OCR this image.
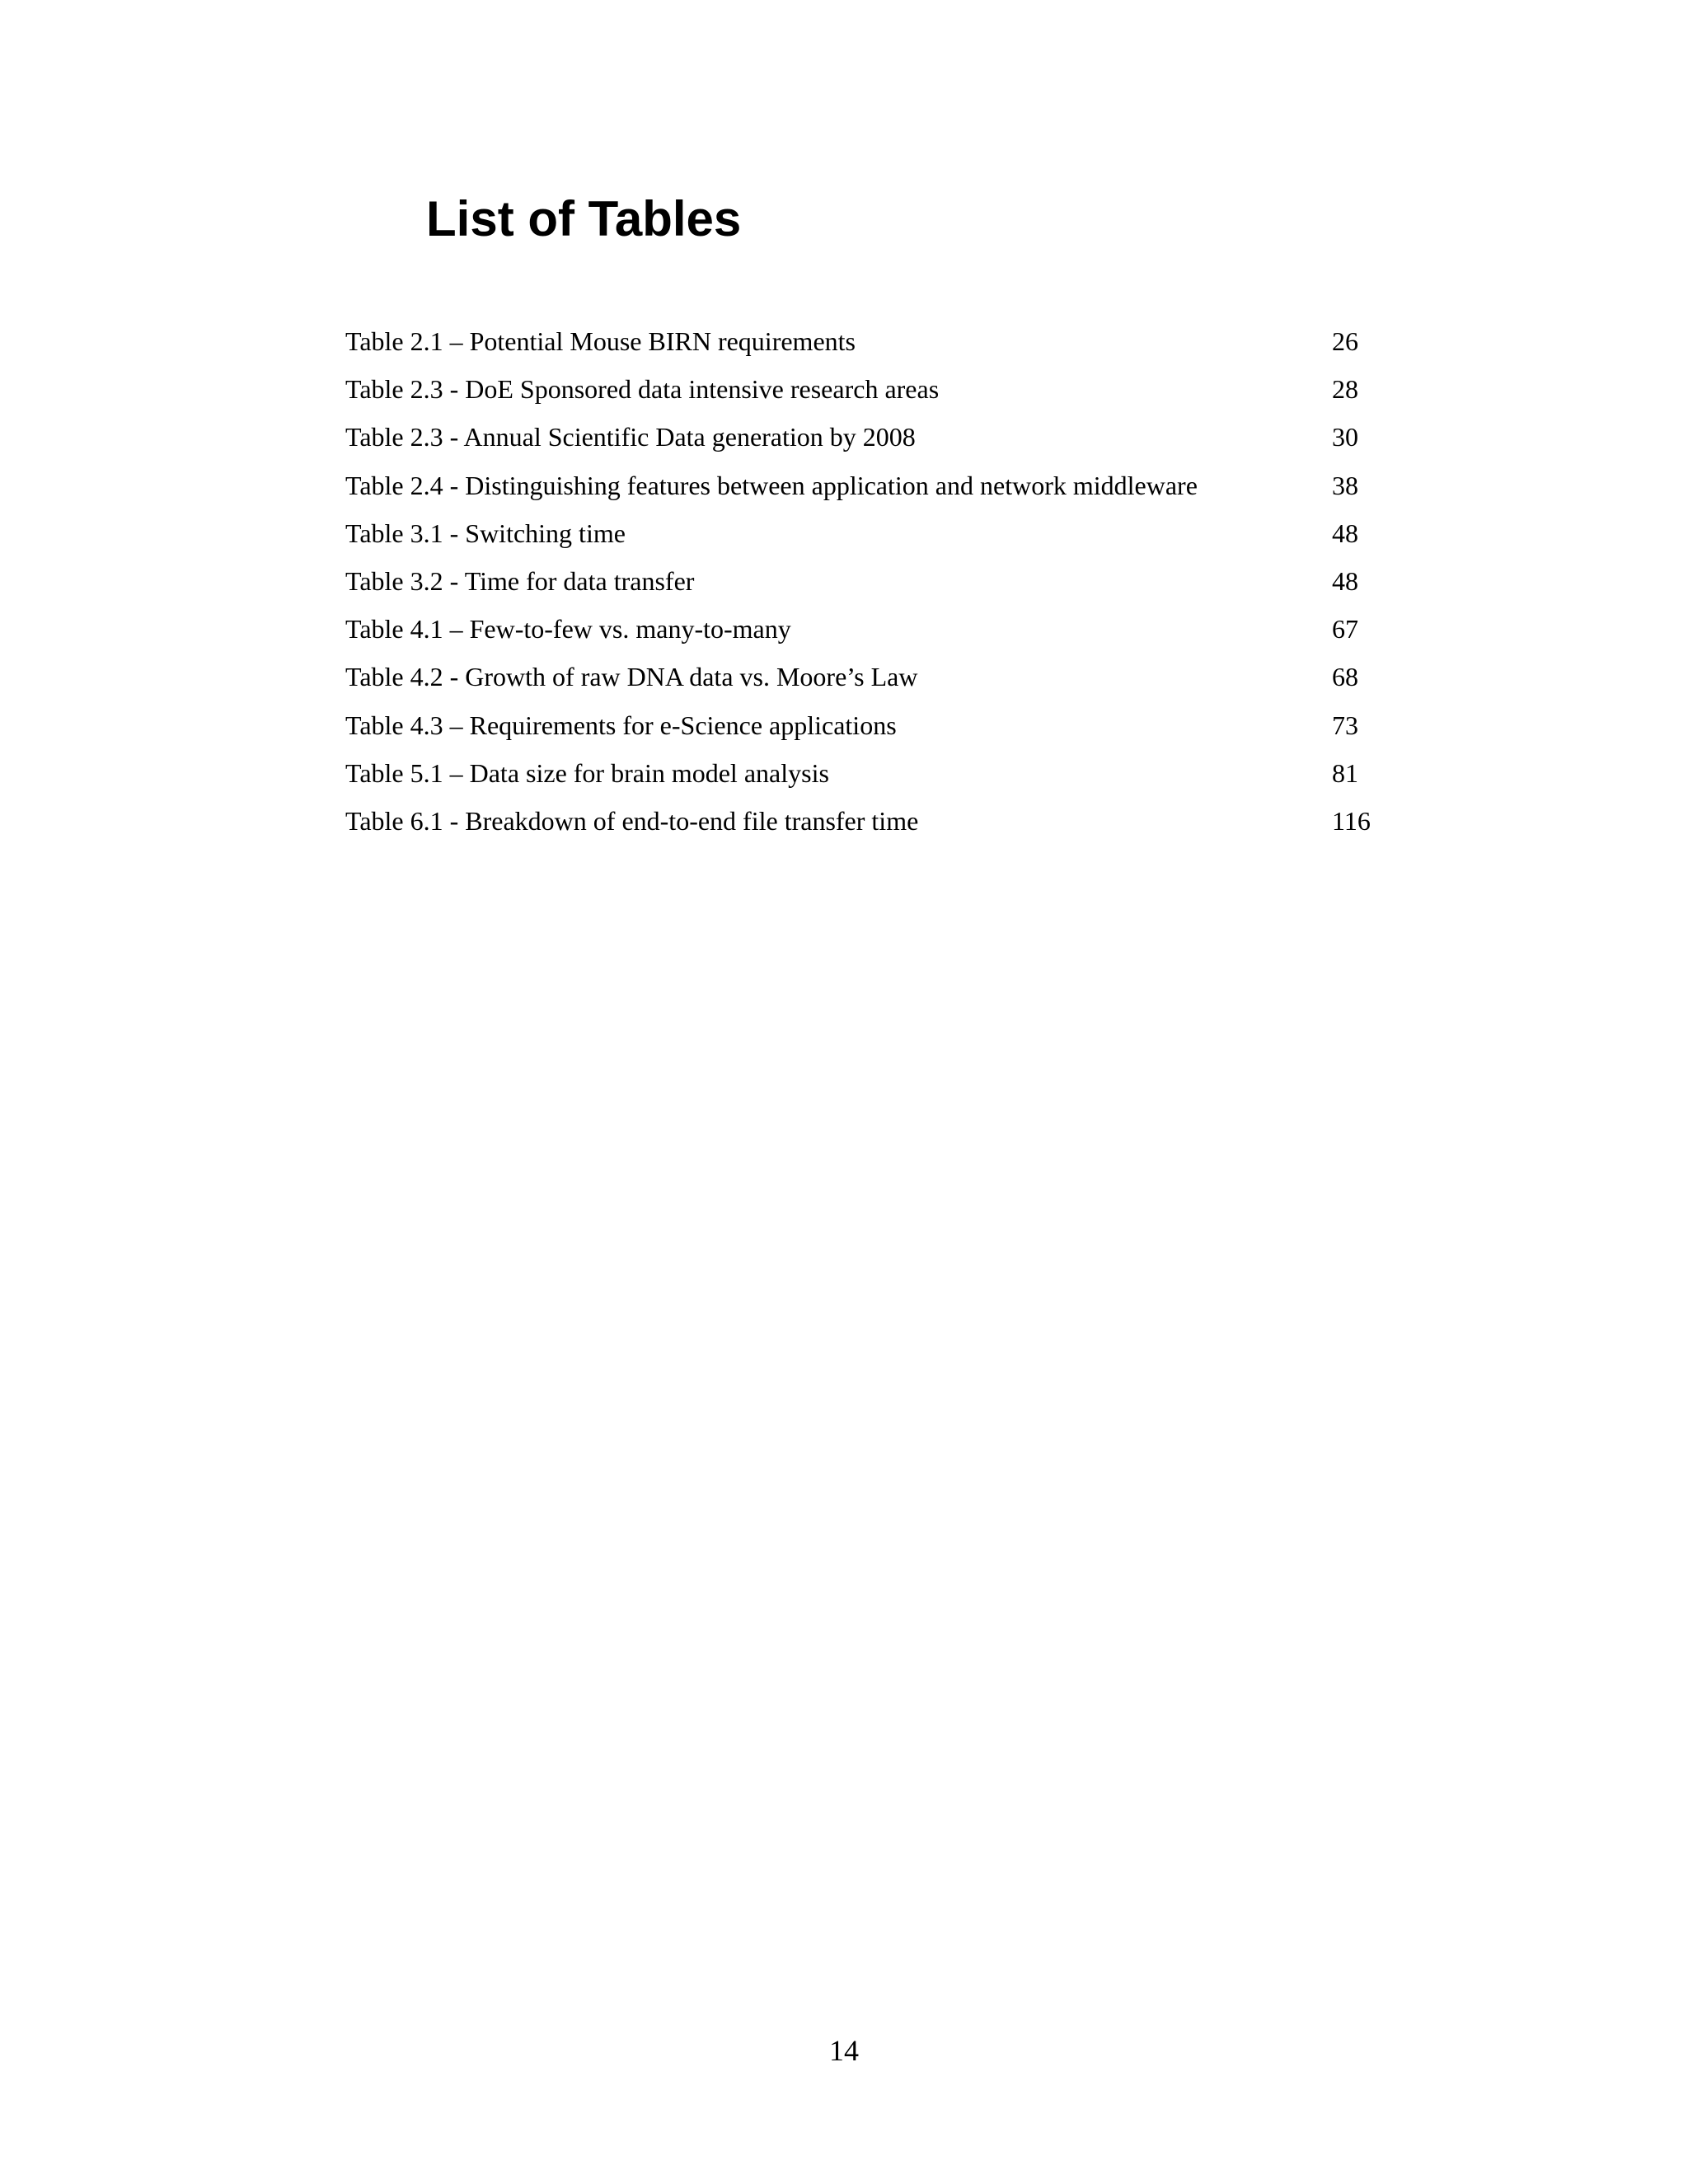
List of Tables
Table 2.1 – Potential Mouse BIRN requirements	26
Table 2.3 - DoE Sponsored data intensive research areas	28
Table 2.3 - Annual Scientific Data generation by 2008	30
Table 2.4 - Distinguishing features between application and network middleware	38
Table 3.1 - Switching time	48
Table 3.2 - Time for data transfer	48
Table 4.1 – Few-to-few vs. many-to-many	67
Table 4.2 - Growth of raw DNA data vs. Moore’s Law	68
Table 4.3 – Requirements for e-Science applications	73
Table 5.1 – Data size for brain model analysis	81
Table 6.1 - Breakdown of end-to-end file transfer time	116
14
